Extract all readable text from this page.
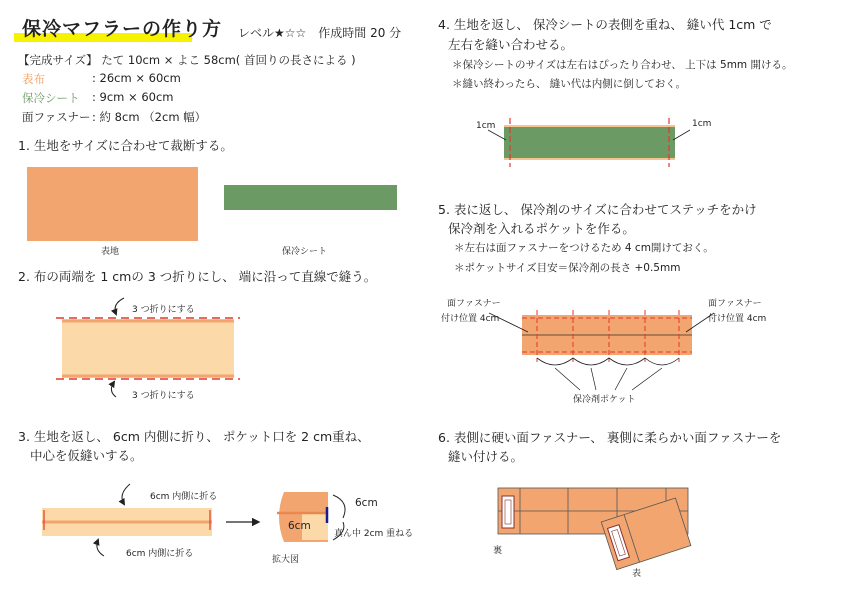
保冷マフラーの作り方 レベル★☆☆　作成時間 20 分
【完成サイズ】 たて 10cm × よこ 58cm( 首回りの長さによる )
表布	: 26cm × 60cm
保冷シート : 9cm × 60cm
面ファスナー : 約 8cm （2cm 幅）
1. 生地をサイズに合わせて裁断する。
2. 布の両端を 1 cmの 3 つ折りにし、 端に沿って直線で縫う。
3. 生地を返し、 6cm 内側に折り、 ポケット口を 2 cm重ね、
中心を仮縫いする。
4. 生地を返し、 保冷シートの表側を重ね、 縫い代 1cm で
左右を縫い合わせる。
＊保冷シートのサイズは左右はぴったり合わせ、 上下は 5mm 開ける。
＊縫い終わったら、 縫い代は内側に倒しておく。
5. 表に返し、 保冷剤のサイズに合わせてステッチをかけ
保冷剤を入れるポケットを作る。
＊左右は面ファスナーをつけるため 4 cm開けておく。
＊ポケットサイズ目安＝保冷剤の長さ +0.5mm
6. 表側に硬い面ファスナー、 裏側に柔らかい面ファスナーを
縫い付ける。
表地	保冷シート
3 つ折りにする
3 つ折りにする
6cm 内側に折る
6cm 内側に折る
6cm
6cm
真ん中 2cm 重ねる
拡大図
1cm	1cm
面ファスナー
付け位置 4cm
面ファスナー
付け位置 4cm
保冷剤ポケット
裏
表
